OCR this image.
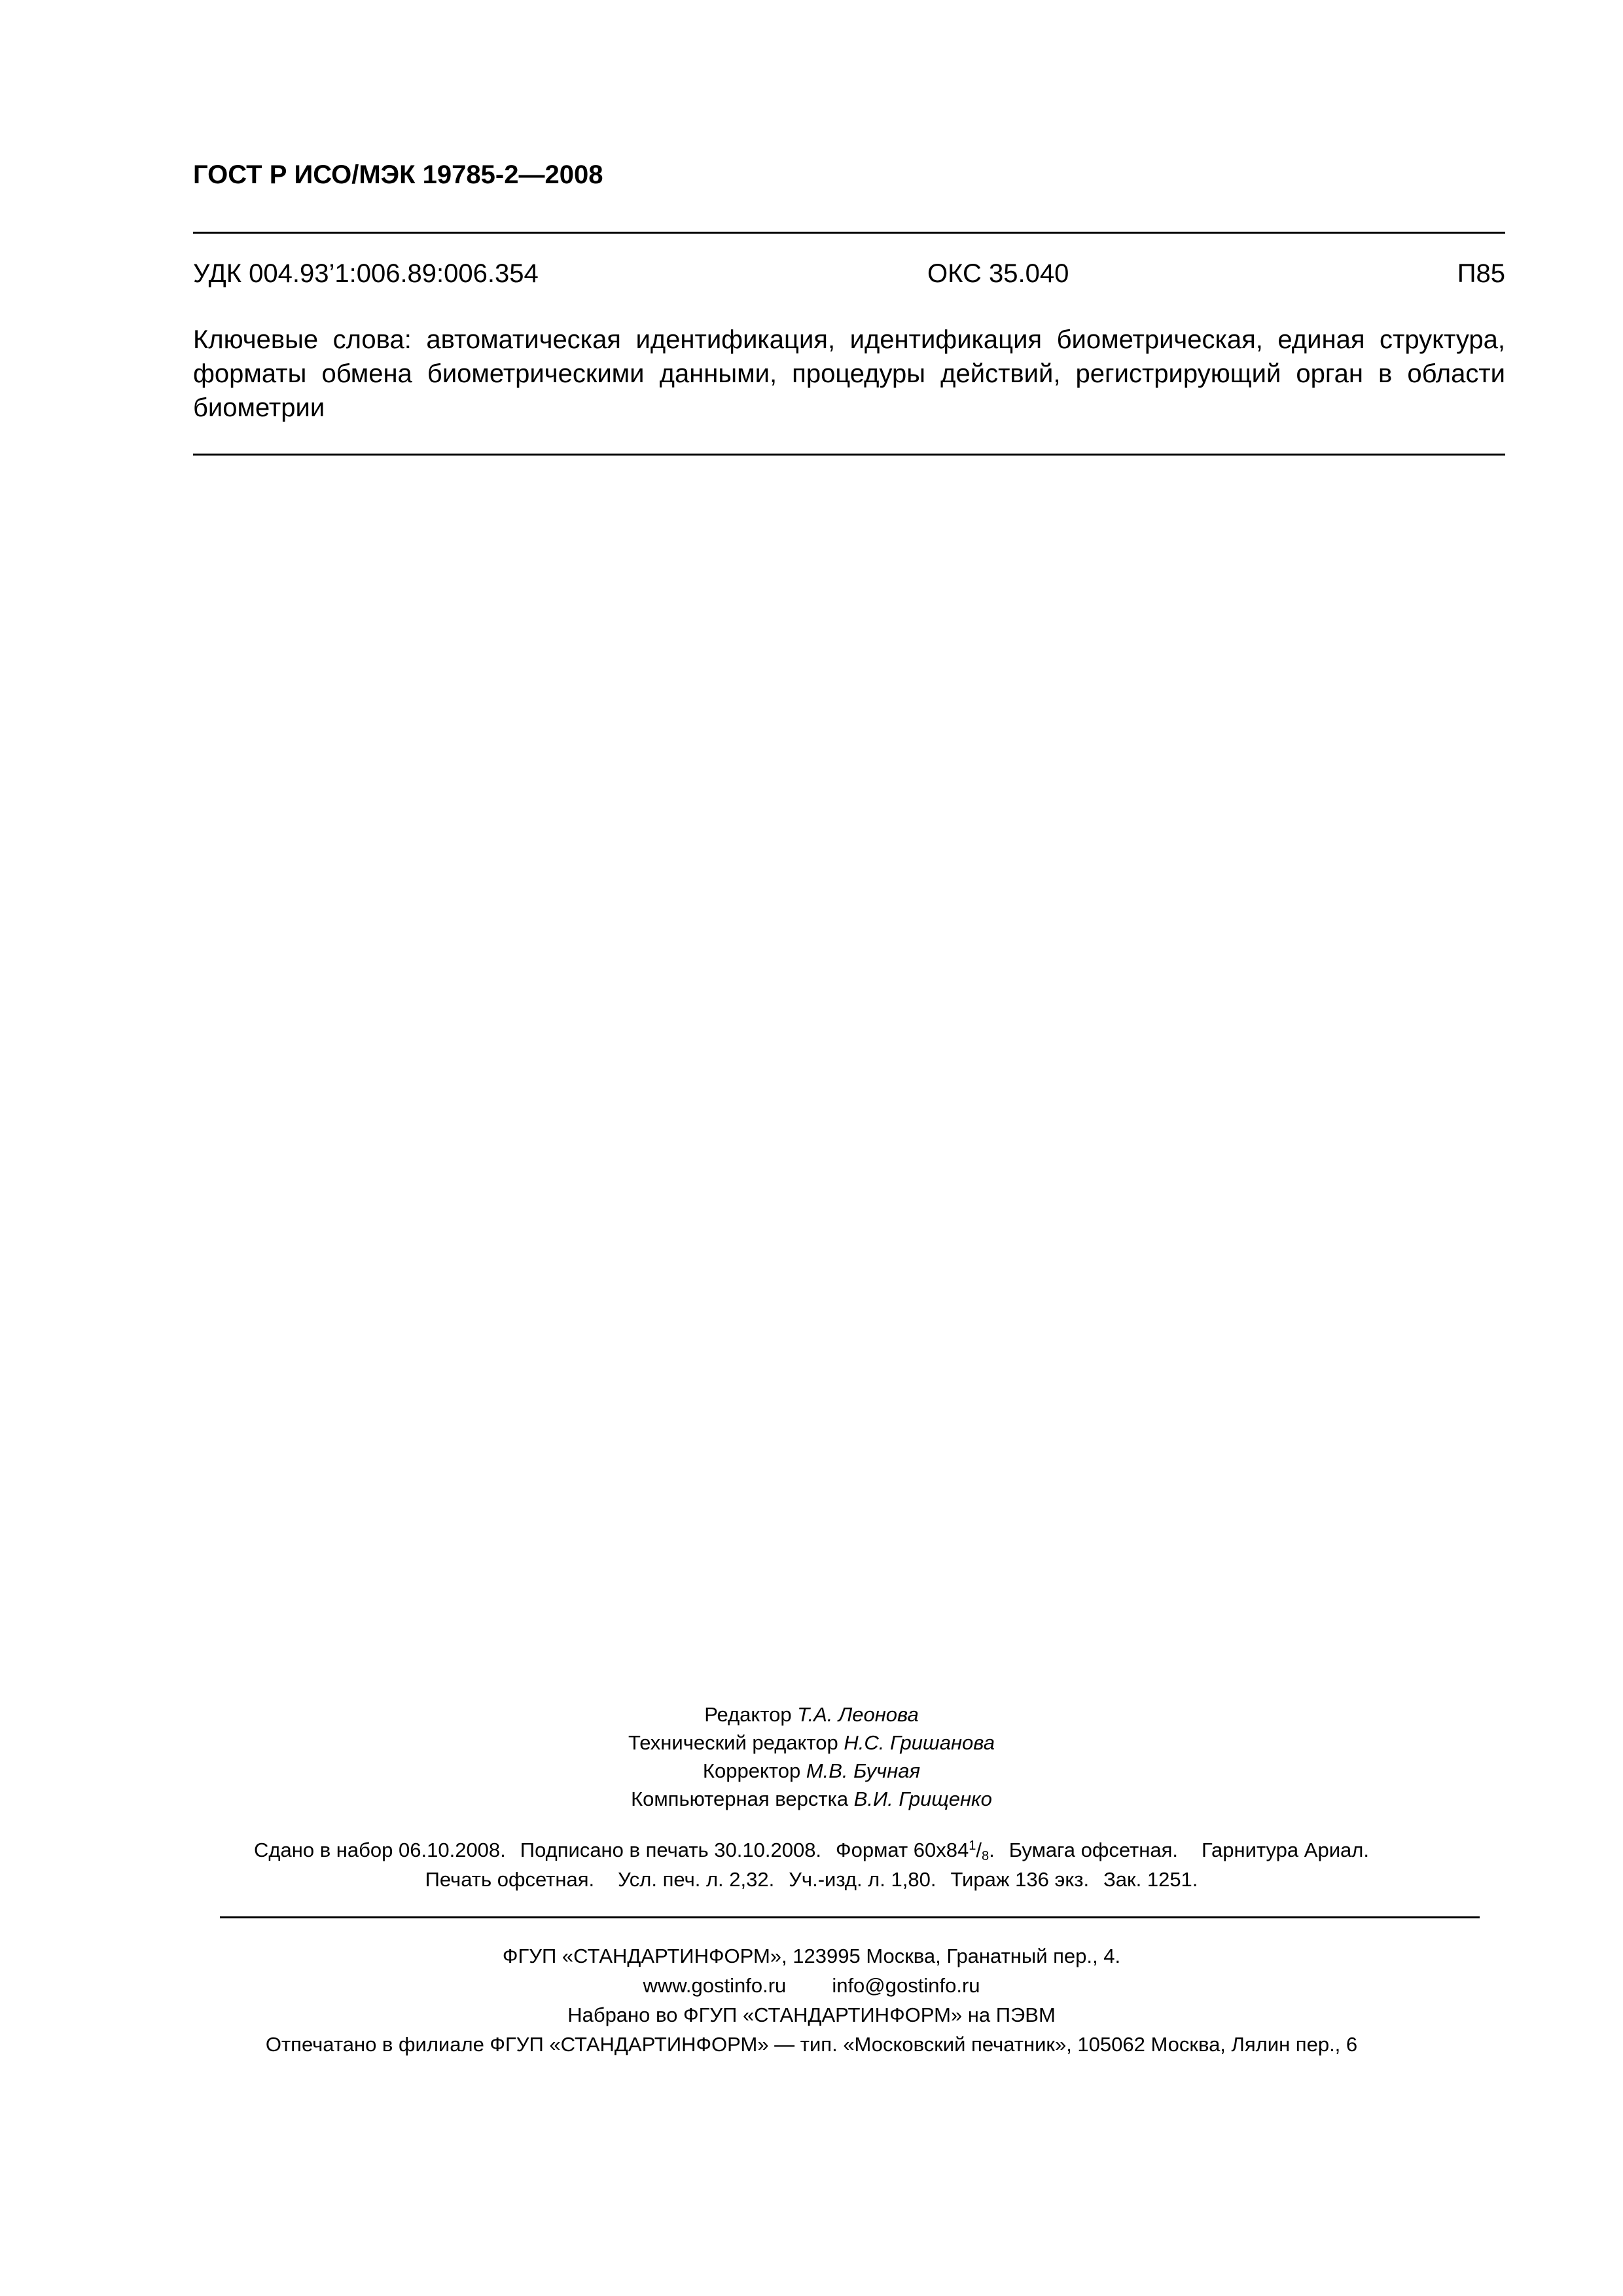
ГОСТ Р ИСО/МЭК 19785-2—2008
УДК 004.93’1:006.89:006.354	ОКС 35.040	П85
Ключевые слова: автоматическая идентификация, идентификация биометрическая, единая структура, форматы обмена биометрическими данными, процедуры действий, регистрирующий орган в области биометрии
Редактор Т.А. Леонова
Технический редактор Н.С. Гришанова
Корректор М.В. Бучная
Компьютерная верстка В.И. Грищенко
Сдано в набор 06.10.2008. Подписано в печать 30.10.2008. Формат $60x84^1/_8$. Бумага офсетная. Гарнитура Ариал.
Печать офсетная. Усл. печ. л. 2,32. Уч.-изд. л. 1,80. Тираж 136 экз. Зак. 1251.
ФГУП «СТАНДАРТИНФОРМ», 123995 Москва, Гранатный пер., 4.
www.gostinfo.ru info@gostinfo.ru
Набрано во ФГУП «СТАНДАРТИНФОРМ» на ПЭВМ
Отпечатано в филиале ФГУП «СТАНДАРТИНФОРМ» — тип. «Московский печатник», 105062 Москва, Лялин пер., 6
